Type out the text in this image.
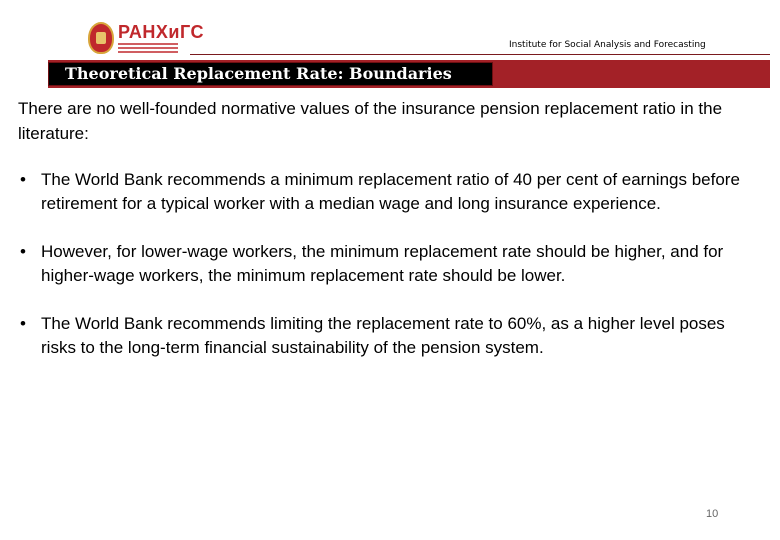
РАНХиГС
Institute for Social Analysis and Forecasting
Theoretical Replacement Rate: Boundaries
There are no well-founded normative values of the insurance pension replacement ratio in the literature:
• The World Bank recommends a minimum replacement ratio of 40 per cent of earnings before retirement for a typical worker with a median wage and long insurance experience.
• However, for lower-wage workers, the minimum replacement rate should be higher, and for higher-wage workers, the minimum replacement rate should be lower.
• The World Bank recommends limiting the replacement rate to 60%, as a higher level poses risks to the long-term financial sustainability of the pension system.
10
